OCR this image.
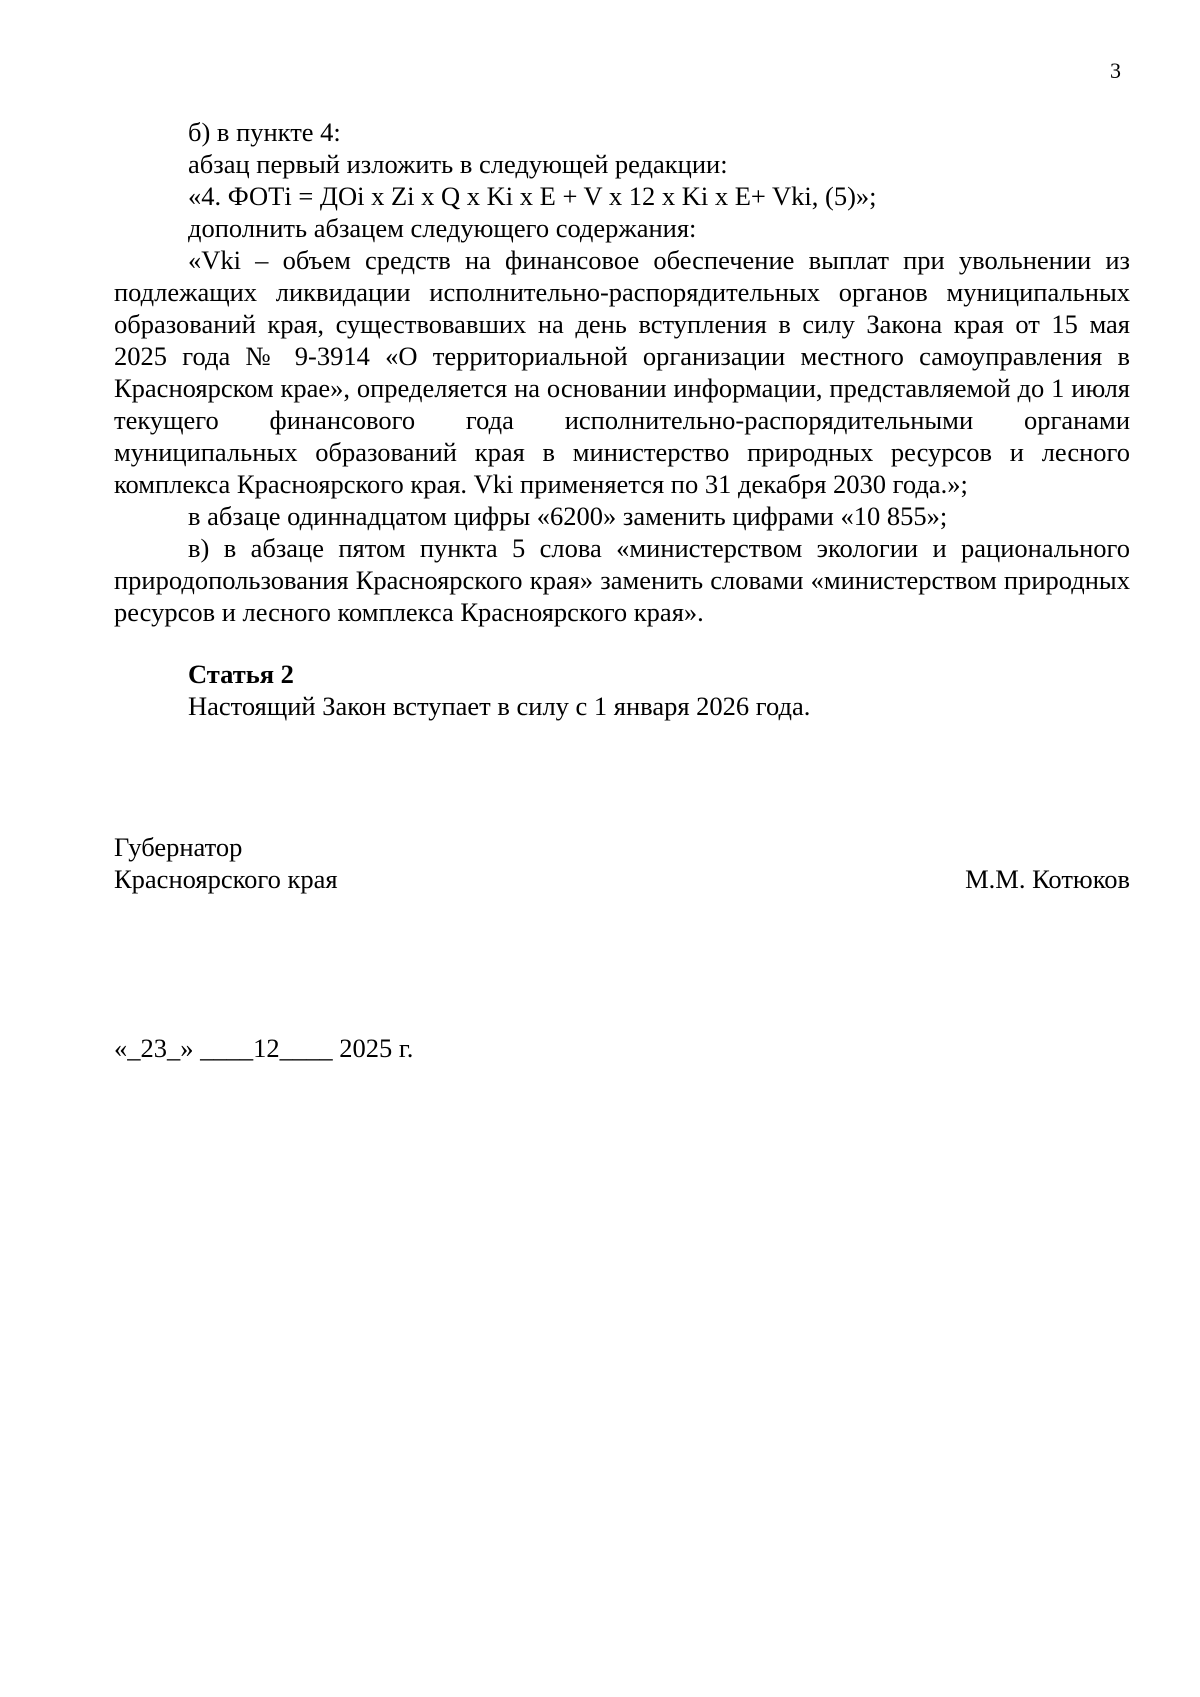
3

б) в пункте 4:

абзац первый изложить в следующей редакции:

«4. ФОТi = ДОi x Zi x Q x Ki x E + V x 12 x Ki x E+ Vki, (5)»;

дополнить абзацем следующего содержания:

«Vki – объем средств на финансовое обеспечение выплат при увольнении из подлежащих ликвидации исполнительно-распорядительных органов муниципальных образований края, существовавших на день вступления в силу Закона края от 15 мая 2025 года № 9-3914 «О территориальной организации местного самоуправления в Красноярском крае», определяется на основании информации, представляемой до 1 июля текущего финансового года исполнительно-распорядительными органами муниципальных образований края в министерство природных ресурсов и лесного комплекса Красноярского края. Vki применяется по 31 декабря 2030 года.»;

в абзаце одиннадцатом цифры «6200» заменить цифрами «10 855»;

в) в абзаце пятом пункта 5 слова «министерством экологии и рационального природопользования Красноярского края» заменить словами «министерством природных ресурсов и лесного комплекса Красноярского края».

Статья 2

Настоящий Закон вступает в силу с 1 января 2026 года.

Губернатор
Красноярского края	М.М. Котюков
«_23_» ____12____ 2025 г.
